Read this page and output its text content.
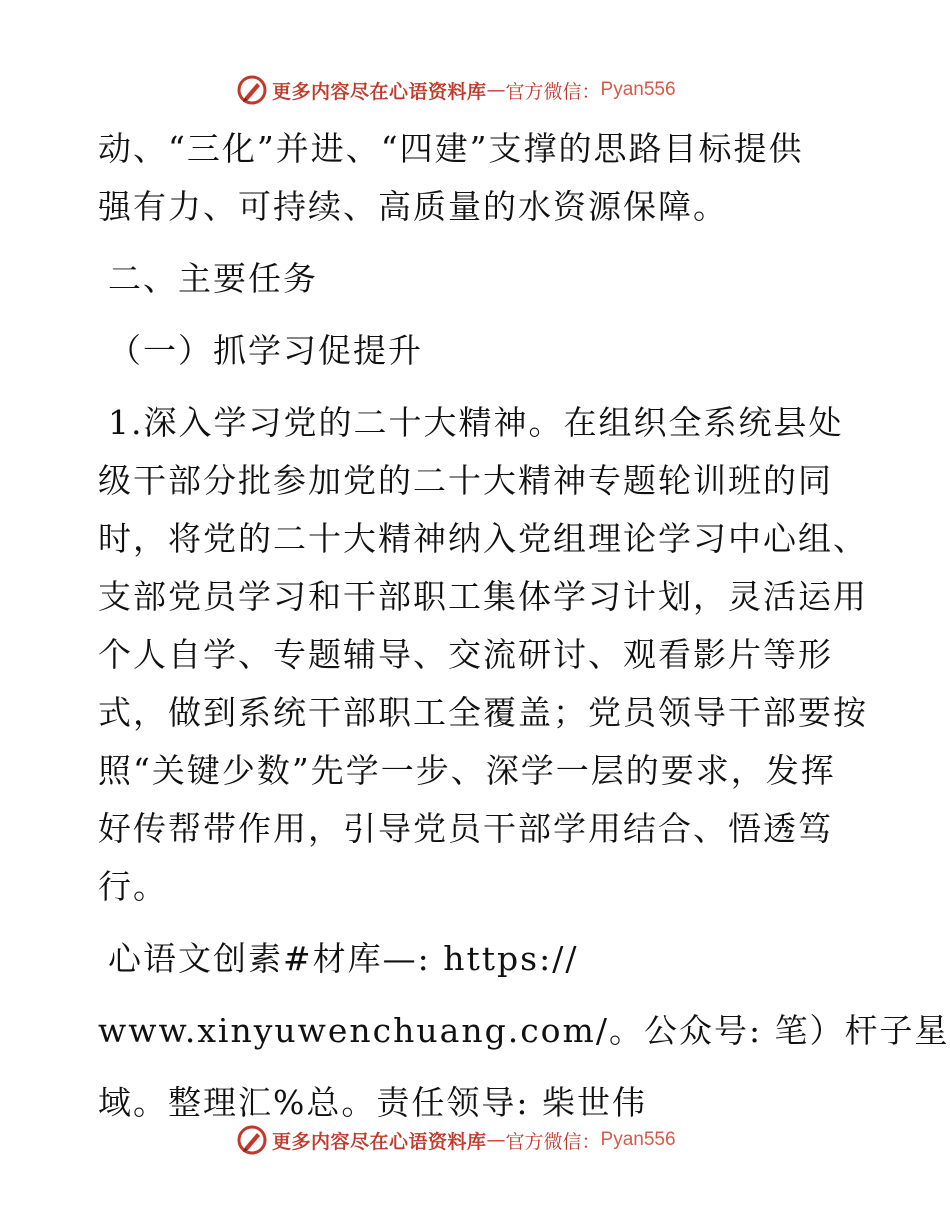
更多内容尽在心语资料库 — 官方微信： Pyan556
动、“三化”并进、“四建”支撑的思路目标提供
强有力、可持续、高质量的水资源保障。
二、主要任务
（一）抓学习促提升
1.深入学习党的二十大精神。在组织全系统县处
级干部分批参加党的二十大精神专题轮训班的同
时，将党的二十大精神纳入党组理论学习中心组、
支部党员学习和干部职工集体学习计划，灵活运用
个人自学、专题辅导、交流研讨、观看影片等形
式，做到系统干部职工全覆盖；党员领导干部要按
照“关键少数”先学一步、深学一层的要求，发挥
好传帮带作用，引导党员干部学用结合、悟透笃
行。
心语文创素#材库—: https://
www.xinyuwenchuang.com/。公众号: 笔）杆子星
域。整理汇%总。责任领导: 柴世伟
更多内容尽在心语资料库 — 官方微信： Pyan556
